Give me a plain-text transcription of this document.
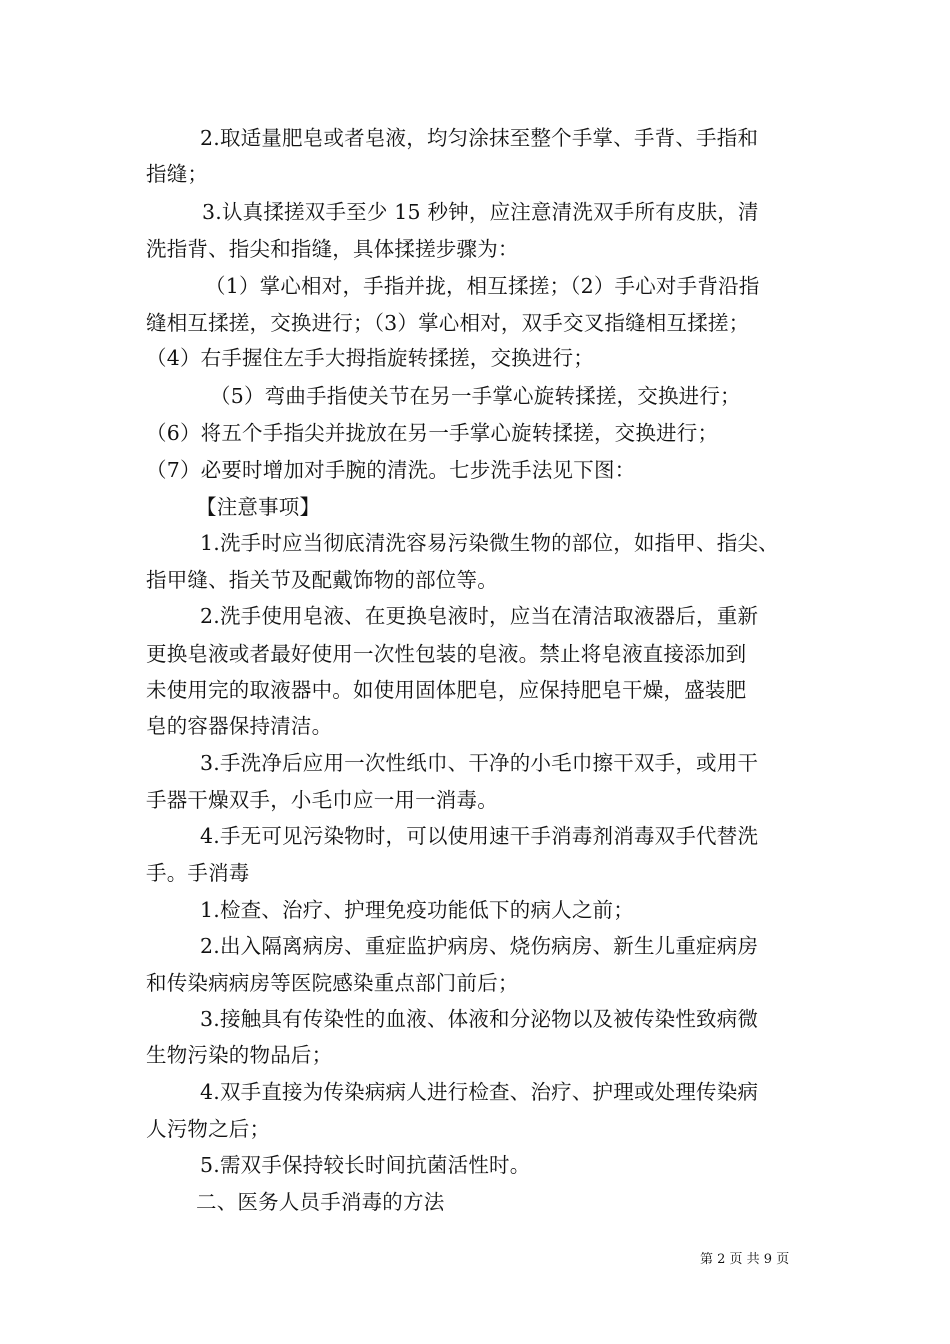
2.取适量肥皂或者皂液，均匀涂抹至整个手掌、手背、手指和
指缝；
3.认真揉搓双手至少 15 秒钟，应注意清洗双手所有皮肤，清
洗指背、指尖和指缝，具体揉搓步骤为：
（1）掌心相对，手指并拢，相互揉搓；（2）手心对手背沿指
缝相互揉搓，交换进行；（3）掌心相对，双手交叉指缝相互揉搓；
（4）右手握住左手大拇指旋转揉搓，交换进行；
（5）弯曲手指使关节在另一手掌心旋转揉搓，交换进行；
（6）将五个手指尖并拢放在另一手掌心旋转揉搓，交换进行；
（7）必要时增加对手腕的清洗。七步洗手法见下图：
【注意事项】
1.洗手时应当彻底清洗容易污染微生物的部位，如指甲、指尖、
指甲缝、指关节及配戴饰物的部位等。
2.洗手使用皂液、在更换皂液时，应当在清洁取液器后，重新
更换皂液或者最好使用一次性包装的皂液。禁止将皂液直接添加到
未使用完的取液器中。如使用固体肥皂，应保持肥皂干燥，盛装肥
皂的容器保持清洁。
3.手洗净后应用一次性纸巾、干净的小毛巾擦干双手，或用干
手器干燥双手，小毛巾应一用一消毒。
4.手无可见污染物时，可以使用速干手消毒剂消毒双手代替洗
手。手消毒
1.检查、治疗、护理免疫功能低下的病人之前；
2.出入隔离病房、重症监护病房、烧伤病房、新生儿重症病房
和传染病病房等医院感染重点部门前后；
3.接触具有传染性的血液、体液和分泌物以及被传染性致病微
生物污染的物品后；
4.双手直接为传染病病人进行检查、治疗、护理或处理传染病
人污物之后；
5.需双手保持较长时间抗菌活性时。
二、医务人员手消毒的方法
第 2 页 共 9 页
